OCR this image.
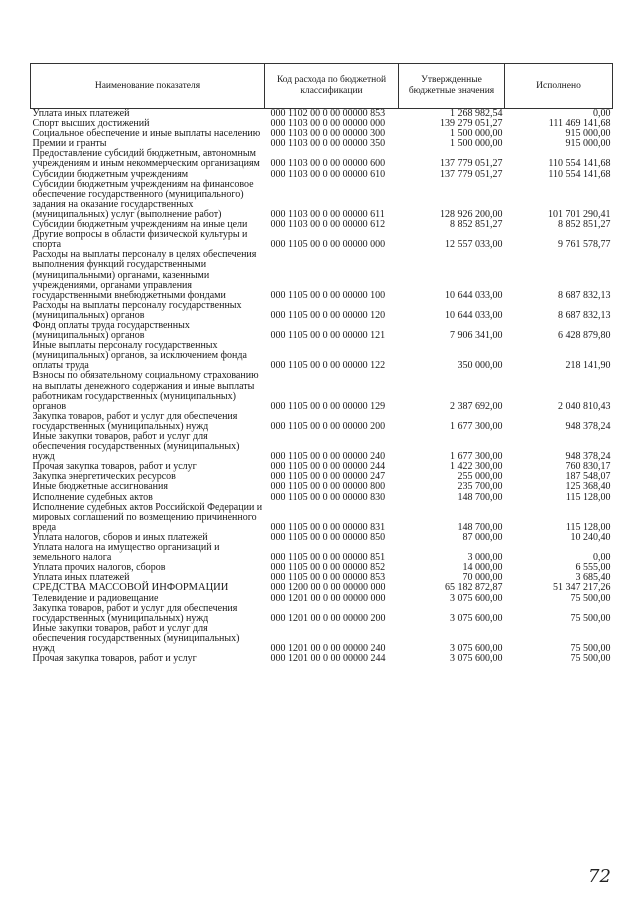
Наименование показателя	Код расхода по бюджетной классификации	Утвержденные бюджетные значения	Исполнено
Уплата иных платежей	000 1102 00 0 00 00000 853	1 268 982,54	0,00
Спорт высших достижений	000 1103 00 0 00 00000 000	139 279 051,27	111 469 141,68
Социальное обеспечение и иные выплаты населению	000 1103 00 0 00 00000 300	1 500 000,00	915 000,00
Премии и гранты	000 1103 00 0 00 00000 350	1 500 000,00	915 000,00
Предоставление субсидий бюджетным, автономным учреждениям и иным некоммерческим организациям	000 1103 00 0 00 00000 600	137 779 051,27	110 554 141,68
Субсидии бюджетным учреждениям	000 1103 00 0 00 00000 610	137 779 051,27	110 554 141,68
Субсидии бюджетным учреждениям на финансовое обеспечение государственного (муниципального) задания на оказание государственных (муниципальных) услуг (выполнение работ)	000 1103 00 0 00 00000 611	128 926 200,00	101 701 290,41
Субсидии бюджетным учреждениям на иные цели	000 1103 00 0 00 00000 612	8 852 851,27	8 852 851,27
Другие вопросы в области физической культуры и спорта	000 1105 00 0 00 00000 000	12 557 033,00	9 761 578,77
Расходы на выплаты персоналу в целях обеспечения выполнения функций государственными (муниципальными) органами, казенными учреждениями, органами управления государственными внебюджетными фондами	000 1105 00 0 00 00000 100	10 644 033,00	8 687 832,13
Расходы на выплаты персоналу государственных (муниципальных) органов	000 1105 00 0 00 00000 120	10 644 033,00	8 687 832,13
Фонд оплаты труда государственных (муниципальных) органов	000 1105 00 0 00 00000 121	7 906 341,00	6 428 879,80
Иные выплаты персоналу государственных (муниципальных) органов, за исключением фонда оплаты труда	000 1105 00 0 00 00000 122	350 000,00	218 141,90
Взносы по обязательному социальному страхованию на выплаты денежного содержания и иные выплаты работникам государственных (муниципальных) органов	000 1105 00 0 00 00000 129	2 387 692,00	2 040 810,43
Закупка товаров, работ и услуг для обеспечения государственных (муниципальных) нужд	000 1105 00 0 00 00000 200	1 677 300,00	948 378,24
Иные закупки товаров, работ и услуг для обеспечения государственных (муниципальных) нужд	000 1105 00 0 00 00000 240	1 677 300,00	948 378,24
Прочая закупка товаров, работ и услуг	000 1105 00 0 00 00000 244	1 422 300,00	760 830,17
Закупка энергетических ресурсов	000 1105 00 0 00 00000 247	255 000,00	187 548,07
Иные бюджетные ассигнования	000 1105 00 0 00 00000 800	235 700,00	125 368,40
Исполнение судебных актов	000 1105 00 0 00 00000 830	148 700,00	115 128,00
Исполнение судебных актов Российской Федерации и мировых соглашений по возмещению причиненного вреда	000 1105 00 0 00 00000 831	148 700,00	115 128,00
Уплата налогов, сборов и иных платежей	000 1105 00 0 00 00000 850	87 000,00	10 240,40
Уплата налога на имущество организаций и земельного налога	000 1105 00 0 00 00000 851	3 000,00	0,00
Уплата прочих налогов, сборов	000 1105 00 0 00 00000 852	14 000,00	6 555,00
Уплата иных платежей	000 1105 00 0 00 00000 853	70 000,00	3 685,40
СРЕДСТВА МАССОВОЙ ИНФОРМАЦИИ	000 1200 00 0 00 00000 000	65 182 872,87	51 347 217,26
Телевидение и радиовещание	000 1201 00 0 00 00000 000	3 075 600,00	75 500,00
Закупка товаров, работ и услуг для обеспечения государственных (муниципальных) нужд	000 1201 00 0 00 00000 200	3 075 600,00	75 500,00
Иные закупки товаров, работ и услуг для обеспечения государственных (муниципальных) нужд	000 1201 00 0 00 00000 240	3 075 600,00	75 500,00
Прочая закупка товаров, работ и услуг	000 1201 00 0 00 00000 244	3 075 600,00	75 500,00
72
